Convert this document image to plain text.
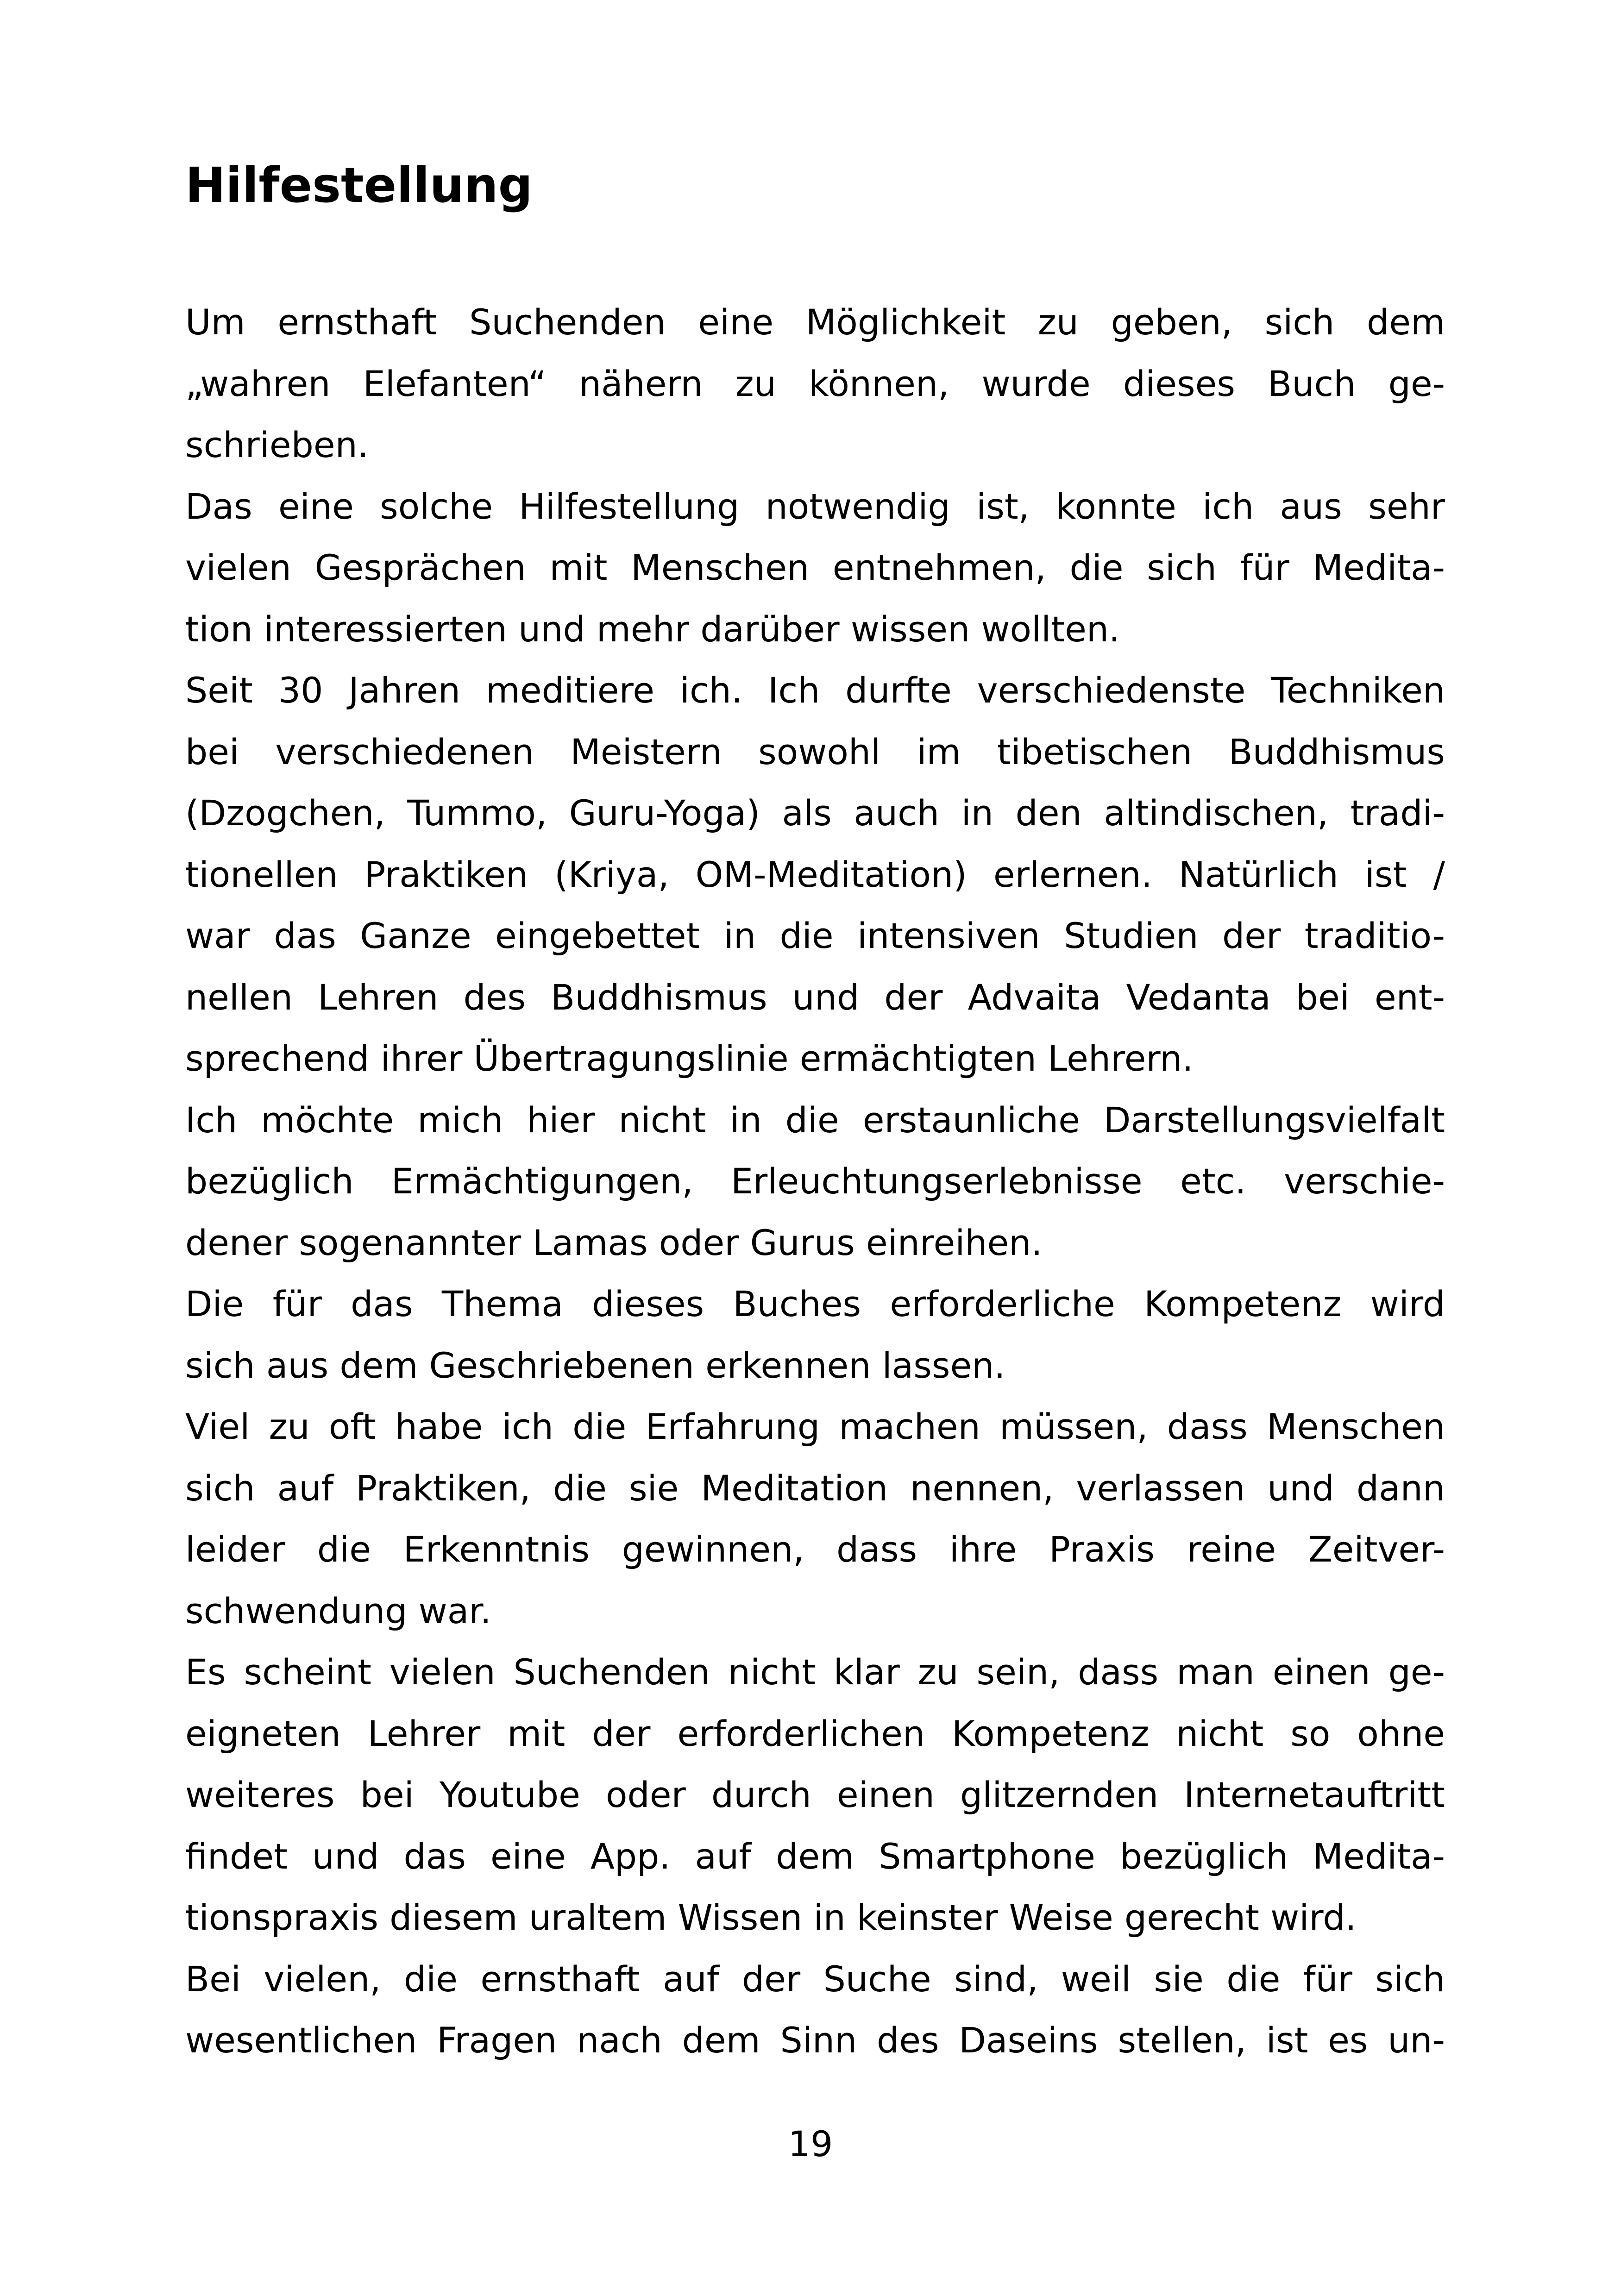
Hilfestellung

Um ernsthaft Suchenden eine Möglichkeit zu geben, sich dem
„wahren Elefanten“ nähern zu können, wurde dieses Buch ge-
schrieben.

Das eine solche Hilfestellung notwendig ist, konnte ich aus sehr
vielen Gesprächen mit Menschen entnehmen, die sich für Medita-
tion interessierten und mehr darüber wissen wollten.

Seit 30 Jahren meditiere ich. Ich durfte verschiedenste Techniken
bei verschiedenen Meistern sowohl im tibetischen Buddhismus
(Dzogchen, Tummo, Guru-Yoga) als auch in den altindischen, tradi-
tionellen Praktiken (Kriya, OM-Meditation) erlernen. Natürlich ist /
war das Ganze eingebettet in die intensiven Studien der traditio-
nellen Lehren des Buddhismus und der Advaita Vedanta bei ent-
sprechend ihrer Übertragungslinie ermächtigten Lehrern.

Ich möchte mich hier nicht in die erstaunliche Darstellungsvielfalt
bezüglich Ermächtigungen, Erleuchtungserlebnisse etc. verschie-
dener sogenannter Lamas oder Gurus einreihen.

Die für das Thema dieses Buches erforderliche Kompetenz wird
sich aus dem Geschriebenen erkennen lassen.

Viel zu oft habe ich die Erfahrung machen müssen, dass Menschen
sich auf Praktiken, die sie Meditation nennen, verlassen und dann
leider die Erkenntnis gewinnen, dass ihre Praxis reine Zeitver-
schwendung war.

Es scheint vielen Suchenden nicht klar zu sein, dass man einen ge-
eigneten Lehrer mit der erforderlichen Kompetenz nicht so ohne
weiteres bei Youtube oder durch einen glitzernden Internetauftritt
findet und das eine App. auf dem Smartphone bezüglich Medita-
tionspraxis diesem uraltem Wissen in keinster Weise gerecht wird.

Bei vielen, die ernsthaft auf der Suche sind, weil sie die für sich
wesentlichen Fragen nach dem Sinn des Daseins stellen, ist es un-

19
